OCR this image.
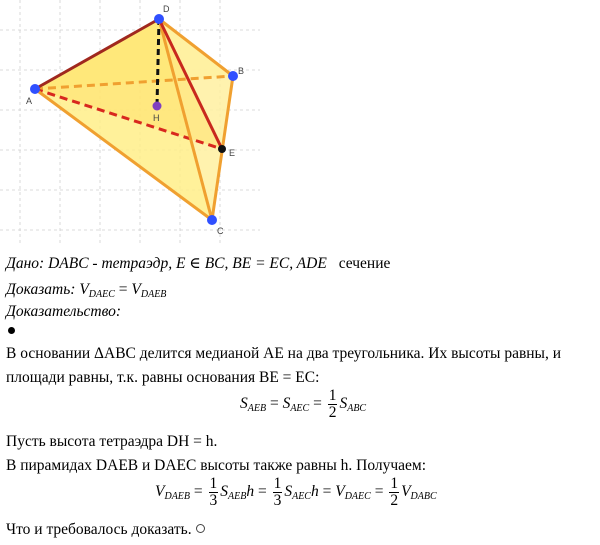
D
A
B
C
H
E
Дано: DABC - тетраэдр, E ∈ BC, BE = EC, ADE сечение
Доказать: $V_{DAEC} = V_{DAEB}$
Доказательство:
В основании ΔABC делится медианой AE на два треугольника. Их высоты равны, и
площади равны, т.к. равны основания BE = EC:
$S_{AEB} = S_{AEC} = \frac{1}{2} S_{ABC}$
Пусть высота тетраэдра DH = h.
В пирамидах DAEB и DAEC высоты также равны h. Получаем:
$V_{DAEB} = \frac{1}{3} S_{AEB}h = \frac{1}{3} S_{AEC}h = V_{DAEC} = \frac{1}{2} V_{DABC}$
Что и требовалось доказать.
